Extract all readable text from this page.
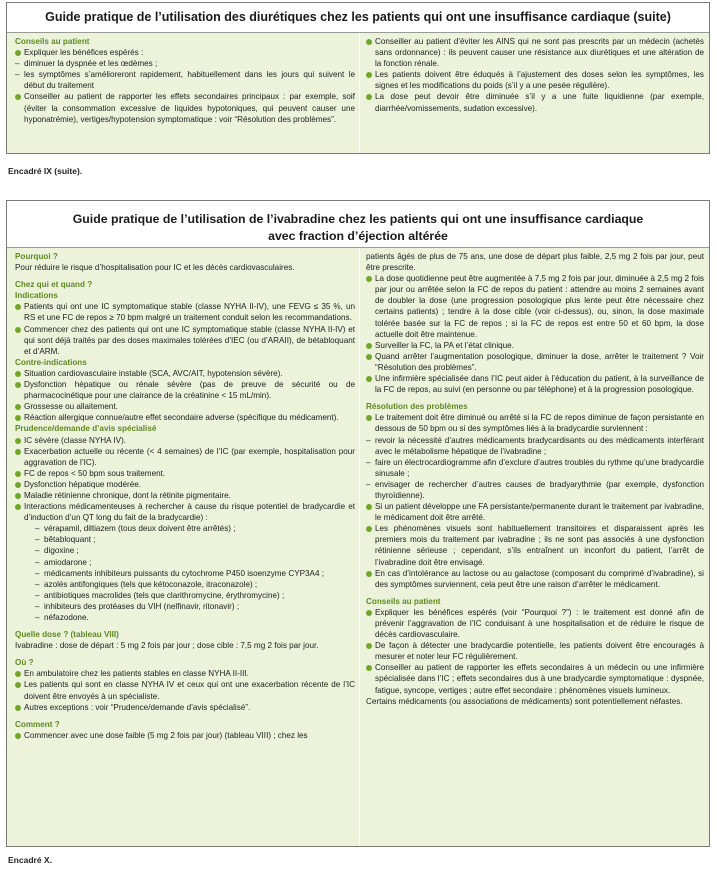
Guide pratique de l’utilisation des diurétiques chez les patients qui ont une insuffisance cardiaque (suite)

Conseils au patient

Expliquer les bénéfices espérés :

– diminuer la dyspnée et les œdèmes ;

– les symptômes s’amélioreront rapidement, habituellement dans les jours qui suivent le début du traitement

Conseiller au patient de rapporter les effets secondaires principaux : par exemple, soif (éviter la consommation excessive de liquides hypotoniques, qui peuvent causer une hyponatrémie), vertiges/hypotension symptomatique : voir “Résolution des problèmes”.

Conseiller au patient d’éviter les AINS qui ne sont pas prescrits par un médecin (achetés sans ordonnance) : ils peuvent causer une résistance aux diurétiques et une altération de la fonction rénale.

Les patients doivent être éduqués à l’ajustement des doses selon les symptômes, les signes et les modifications du poids (s’il y a une pesée régulière).

La dose peut devoir être diminuée s’il y a une fuite liquidienne (par exemple, diarrhée/vomissements, sudation excessive).

Encadré IX (suite).
Guide pratique de l’utilisation de l’ivabradine chez les patients qui ont une insuffisance cardiaque
avec fraction d’éjection altérée

Pourquoi ?

Pour réduire le risque d’hospitalisation pour IC et les décès cardiovasculaires.

Chez qui et quand ?

Indications

Patients qui ont une IC symptomatique stable (classe NYHA II-IV), une FEVG ≤ 35 %, un RS et une FC de repos ≥ 70 bpm malgré un traitement conduit selon les recommandations.

Commencer chez des patients qui ont une IC symptomatique stable (classe NYHA II-IV) et qui sont déjà traités par des doses maximales tolérées d’IEC (ou d’ARAII), de bétabloquant et d’ARM.

Contre-indications

Situation cardiovasculaire instable (SCA, AVC/AIT, hypotension sévère).

Dysfonction hépatique ou rénale sévère (pas de preuve de sécurité ou de pharmacocinétique pour une clairance de la créatinine < 15 mL/min).

Grossesse ou allaitement.

Réaction allergique connue/autre effet secondaire adverse (spécifique du médicament).

Prudence/demande d’avis spécialisé

IC sévère (classe NYHA IV).

Exacerbation actuelle ou récente (< 4 semaines) de l’IC (par exemple, hospitalisation pour aggravation de l’IC).

FC de repos < 50 bpm sous traitement.

Dysfonction hépatique modérée.

Maladie rétinienne chronique, dont la rétinite pigmentaire.

Interactions médicamenteuses à rechercher à cause du risque potentiel de bradycardie et d’induction d’un QT long du fait de la bradycardie) :

– vérapamil, diltiazem (tous deux doivent être arrêtés) ;

– bêtabloquant ;

– digoxine ;

– amiodarone ;

– médicaments inhibiteurs puissants du cytochrome P450 isoenzyme CYP3A4 ;

– azolés antifongiques (tels que kétoconazole, itraconazole) ;

– antibiotiques macrolides (tels que clarithromycine, érythromycine) ;

– inhibiteurs des protéases du VIH (nelfinavir, ritonavir) ;

– néfazodone.

Quelle dose ? (tableau VIII)

Ivabradine : dose de départ : 5 mg 2 fois par jour ; dose cible : 7,5 mg 2 fois par jour.

Où ?

En ambulatoire chez les patients stables en classe NYHA II-III.

Les patients qui sont en classe NYHA IV et ceux qui ont une exacerbation récente de l’IC doivent être envoyés à un spécialiste.

Autres exceptions : voir “Prudence/demande d’avis spécialisé”.

Comment ?

Commencer avec une dose faible (5 mg 2 fois par jour) (tableau VIII) ; chez les

patients âgés de plus de 75 ans, une dose de départ plus faible, 2,5 mg 2 fois par jour, peut être prescrite.

La dose quotidienne peut être augmentée à 7,5 mg 2 fois par jour, diminuée à 2,5 mg 2 fois par jour ou arrêtée selon la FC de repos du patient : attendre au moins 2 semaines avant de doubler la dose (une progression posologique plus lente peut être nécessaire chez certains patients) ; tendre à la dose cible (voir ci-dessus), ou, sinon, la dose maximale tolérée basée sur la FC de repos ; si la FC de repos est entre 50 et 60 bpm, la dose actuelle doit être maintenue.

Surveiller la FC, la PA et l’état clinique.

Quand arrêter l’augmentation posologique, diminuer la dose, arrêter le traitement ? Voir “Résolution des problèmes”.

Une infirmière spécialisée dans l’IC peut aider à l’éducation du patient, à la surveillance de la FC de repos, au suivi (en personne ou par téléphone) et à la progression posologique.

Résolution des problèmes

Le traitement doit être diminué ou arrêté si la FC de repos diminue de façon persistante en dessous de 50 bpm ou si des symptômes liés à la bradycardie surviennent :

– revoir la nécessité d’autres médicaments bradycardisants ou des médicaments interférant avec le métabolisme hépatique de l’ivabradine ;

– faire un électrocardiogramme afin d’exclure d’autres troubles du rythme qu’une bradycardie sinusale ;

– envisager de rechercher d’autres causes de bradyarythmie (par exemple, dysfonction thyroïdienne).

Si un patient développe une FA persistante/permanente durant le traitement par ivabradine, le médicament doit être arrêté.

Les phénomènes visuels sont habituellement transitoires et disparaissent après les premiers mois du traitement par ivabradine ; ils ne sont pas associés à une dysfonction rétinienne sérieuse ; cependant, s’ils entraînent un inconfort du patient, l’arrêt de l’ivabradine doit être envisagé.

En cas d’intolérance au lactose ou au galactose (composant du comprimé d’ivabradine), si des symptômes surviennent, cela peut être une raison d’arrêter le médicament.

Conseils au patient

Expliquer les bénéfices espérés (voir “Pourquoi ?”) : le traitement est donné afin de prévenir l’aggravation de l’IC conduisant à une hospitalisation et de réduire le risque de décès cardiovasculaire.

De façon à détecter une bradycardie potentielle, les patients doivent être encouragés à mesurer et noter leur FC régulièrement.

Conseiller au patient de rapporter les effets secondaires à un médecin ou une infirmière spécialisée dans l’IC ; effets secondaires dus à une bradycardie symptomatique : dyspnée, fatigue, syncope, vertiges ; autre effet secondaire : phénomènes visuels lumineux.

Certains médicaments (ou associations de médicaments) sont potentiellement néfastes.

Encadré X.
